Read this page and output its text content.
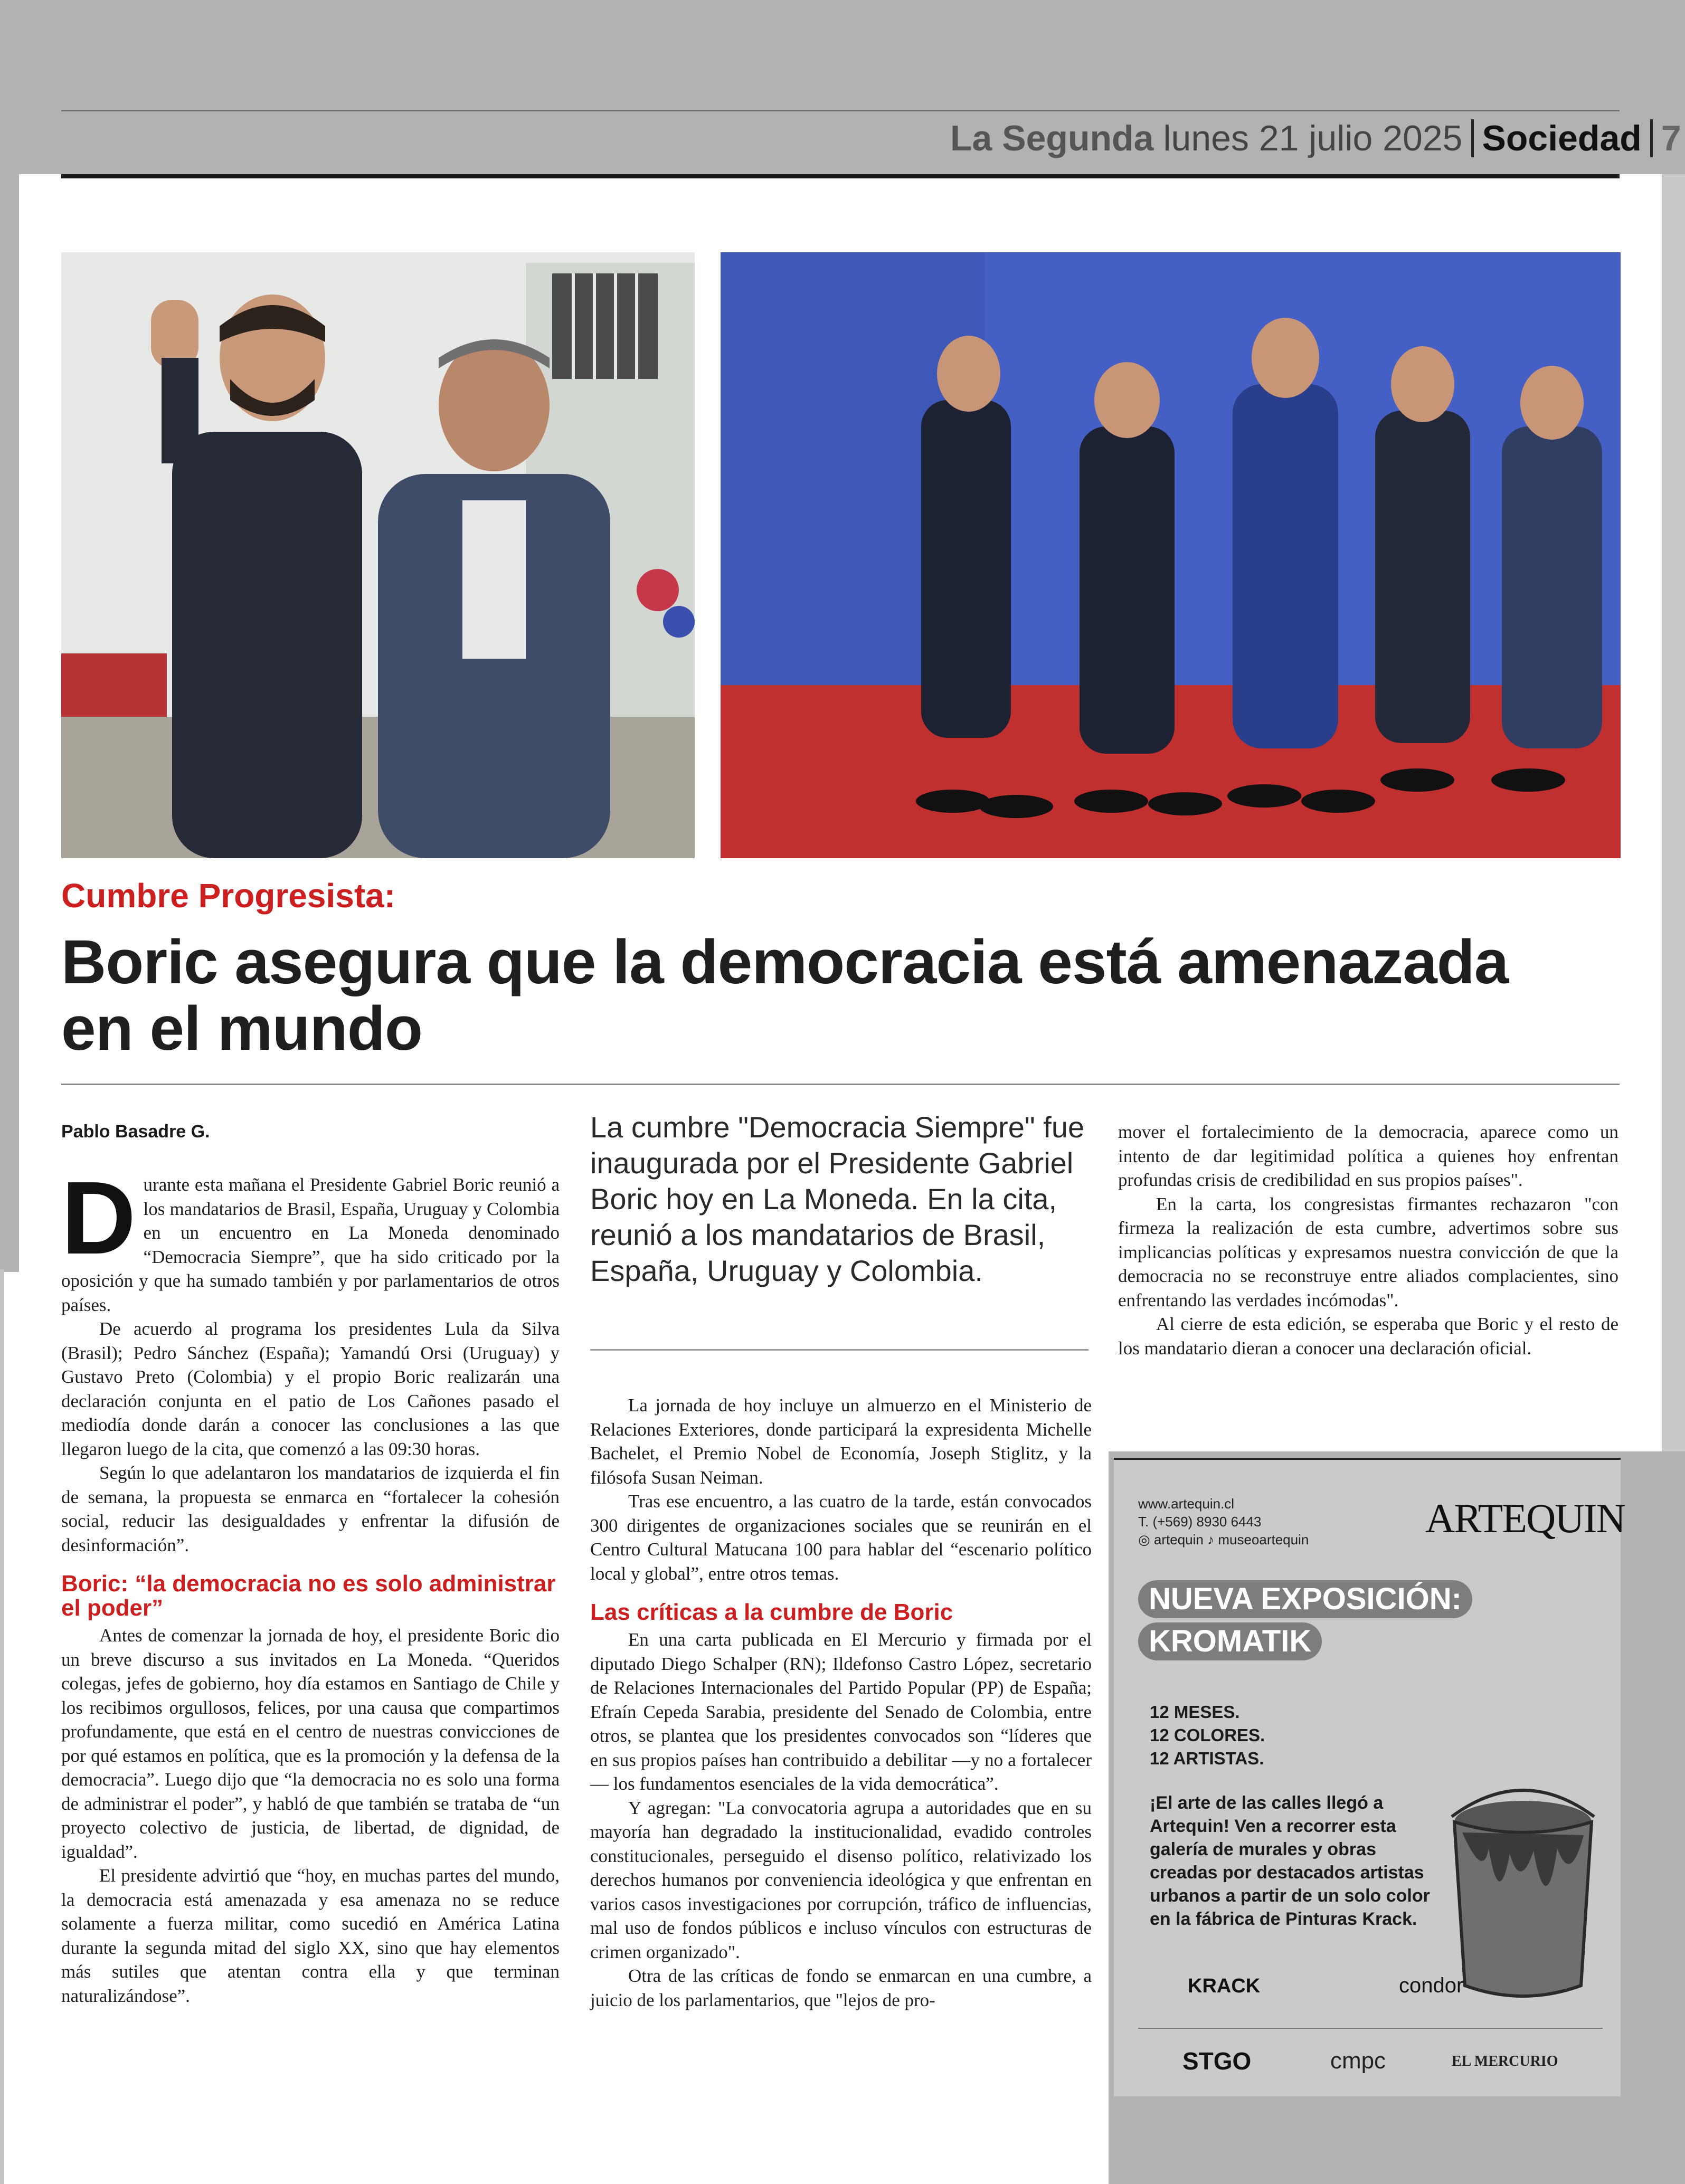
La Segunda lunes 21 julio 2025 Sociedad 7
Cumbre Progresista:
Boric asegura que la democracia está amenazada en el mundo
Pablo Basadre G.

Durante esta mañana el Presidente Gabriel Boric reunió a los mandatarios de Brasil, España, Uruguay y Colombia en un encuentro en La Moneda denominado “Democracia Siempre”, que ha sido criticado por la oposición y que ha sumado también y por parlamentarios de otros países.

De acuerdo al programa los presidentes Lula da Silva (Brasil); Pedro Sánchez (España); Yamandú Orsi (Uruguay) y Gustavo Preto (Colombia) y el propio Boric realizarán una declaración conjunta en el patio de Los Cañones pasado el mediodía donde darán a conocer las conclusiones a las que llegaron luego de la cita, que comenzó a las 09:30 horas.

Según lo que adelantaron los mandatarios de izquierda el fin de semana, la propuesta se enmarca en “fortalecer la cohesión social, reducir las desigualdades y enfrentar la difusión de desinformación”.

Boric: “la democracia no es solo administrar el poder”

Antes de comenzar la jornada de hoy, el presidente Boric dio un breve discurso a sus invitados en La Moneda. “Queridos colegas, jefes de gobierno, hoy día estamos en Santiago de Chile y los recibimos orgullosos, felices, por una causa que compartimos profundamente, que está en el centro de nuestras convicciones de por qué estamos en política, que es la promoción y la defensa de la democracia”. Luego dijo que “la democracia no es solo una forma de administrar el poder”, y habló de que también se trataba de “un proyecto colectivo de justicia, de libertad, de dignidad, de igualdad”.

El presidente advirtió que “hoy, en muchas partes del mundo, la democracia está amenazada y esa amenaza no se reduce solamente a fuerza militar, como sucedió en América Latina durante la segunda mitad del siglo XX, sino que hay elementos más sutiles que atentan contra ella y que terminan naturalizándose”.

La cumbre "Democracia Siempre" fue inaugurada por el Presidente Gabriel Boric hoy en La Moneda. En la cita, reunió a los mandatarios de Brasil, España, Uruguay y Colombia.

La jornada de hoy incluye un almuerzo en el Ministerio de Relaciones Exteriores, donde participará la expresidenta Michelle Bachelet, el Premio Nobel de Economía, Joseph Stiglitz, y la filósofa Susan Neiman.

Tras ese encuentro, a las cuatro de la tarde, están convocados 300 dirigentes de organizaciones sociales que se reunirán en el Centro Cultural Matucana 100 para hablar del “escenario político local y global”, entre otros temas.

Las críticas a la cumbre de Boric

En una carta publicada en El Mercurio y firmada por el diputado Diego Schalper (RN); Ildefonso Castro López, secretario de Relaciones Internacionales del Partido Popular (PP) de España; Efraín Cepeda Sarabia, presidente del Senado de Colombia, entre otros, se plantea que los presidentes convocados son “líderes que en sus propios países han contribuido a debilitar —y no a fortalecer— los fundamentos esenciales de la vida democrática”.

Y agregan: "La convocatoria agrupa a autoridades que en su mayoría han degradado la institucionalidad, evadido controles constitucionales, perseguido el disenso político, relativizado los derechos humanos por conveniencia ideológica y que enfrentan en varios casos investigaciones por corrupción, tráfico de influencias, mal uso de fondos públicos e incluso vínculos con estructuras de crimen organizado".

Otra de las críticas de fondo se enmarcan en una cumbre, a juicio de los parlamentarios, que "lejos de pro-

mover el fortalecimiento de la democracia, aparece como un intento de dar legitimidad política a quienes hoy enfrentan profundas crisis de credibilidad en sus propios países".

En la carta, los congresistas firmantes rechazaron "con firmeza la realización de esta cumbre, advertimos sobre sus implicancias políticas y expresamos nuestra convicción de que la democracia no se reconstruye entre aliados complacientes, sino enfrentando las verdades incómodas".

Al cierre de esta edición, se esperaba que Boric y el resto de los mandatario dieran a conocer una declaración oficial.

www.artequin.cl
T. (+569) 8930 6443
◎ artequin ♪ museoartequin	ARTEQUIN
NUEVA EXPOSICIÓN:
KROMATIK
12 MESES.
12 COLORES.
12 ARTISTAS.
¡El arte de las calles llegó a Artequin! Ven a recorrer esta galería de murales y obras creadas por destacados artistas urbanos a partir de un solo color en la fábrica de Pinturas Krack.
KRACK	condor
STGO	cmpc	EL MERCURIO
